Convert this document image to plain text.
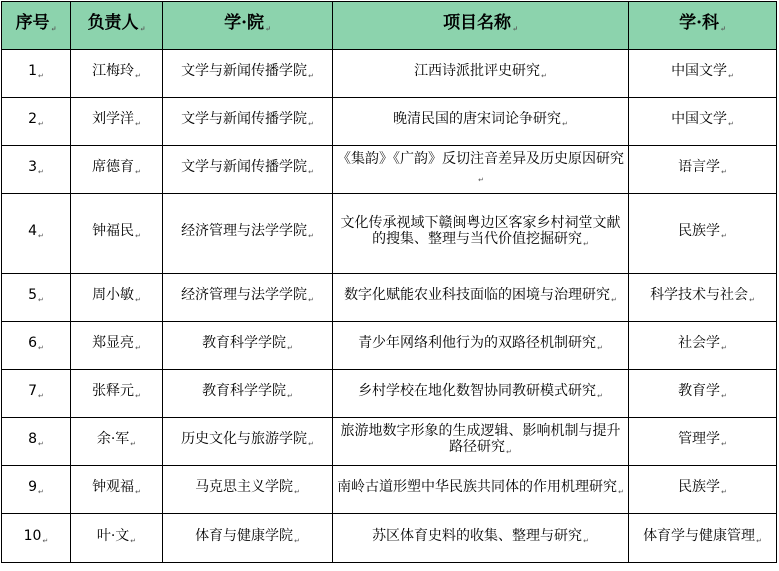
序号↵	负责人↵	学·院↵	项目名称↵	学·科↵
$1_↵$	江梅玲$_↵$	文学与新闻传播学院$_↵$	江西诗派批评史研究$_↵$	中国文学$_↵$
$2_↵$	刘学洋$_↵$	文学与新闻传播学院$_↵$	晚清民国的唐宋词论争研究$_↵$	中国文学$_↵$
$3_↵$	席德育$_↵$	文学与新闻传播学院$_↵$	《集韵》《广韵》反切注音差异及历史原因研究$_↵$	语言学$_↵$
$4_↵$	钟福民$_↵$	经济管理与法学学院$_↵$	文化传承视域下赣闽粤边区客家乡村祠堂文献的搜集、整理与当代价值挖掘研究$_↵$	民族学$_↵$
$5_↵$	周小敏$_↵$	经济管理与法学学院$_↵$	数字化赋能农业科技面临的困境与治理研究$_↵$	科学技术与社会$_↵$
$6_↵$	郑显亮$_↵$	教育科学学院$_↵$	青少年网络利他行为的双路径机制研究$_↵$	社会学$_↵$
$7_↵$	张释元$_↵$	教育科学学院$_↵$	乡村学校在地化数智协同教研模式研究$_↵$	教育学$_↵$
$8_↵$	余·军$_↵$	历史文化与旅游学院$_↵$	旅游地数字形象的生成逻辑、影响机制与提升路径研究$_↵$	管理学$_↵$
$9_↵$	钟观福$_↵$	马克思主义学院$_↵$	南岭古道形塑中华民族共同体的作用机理研究$_↵$	民族学$_↵$
$10_↵$	叶·文$_↵$	体育与健康学院$_↵$	苏区体育史料的收集、整理与研究$_↵$	体育学与健康管理$_↵$
